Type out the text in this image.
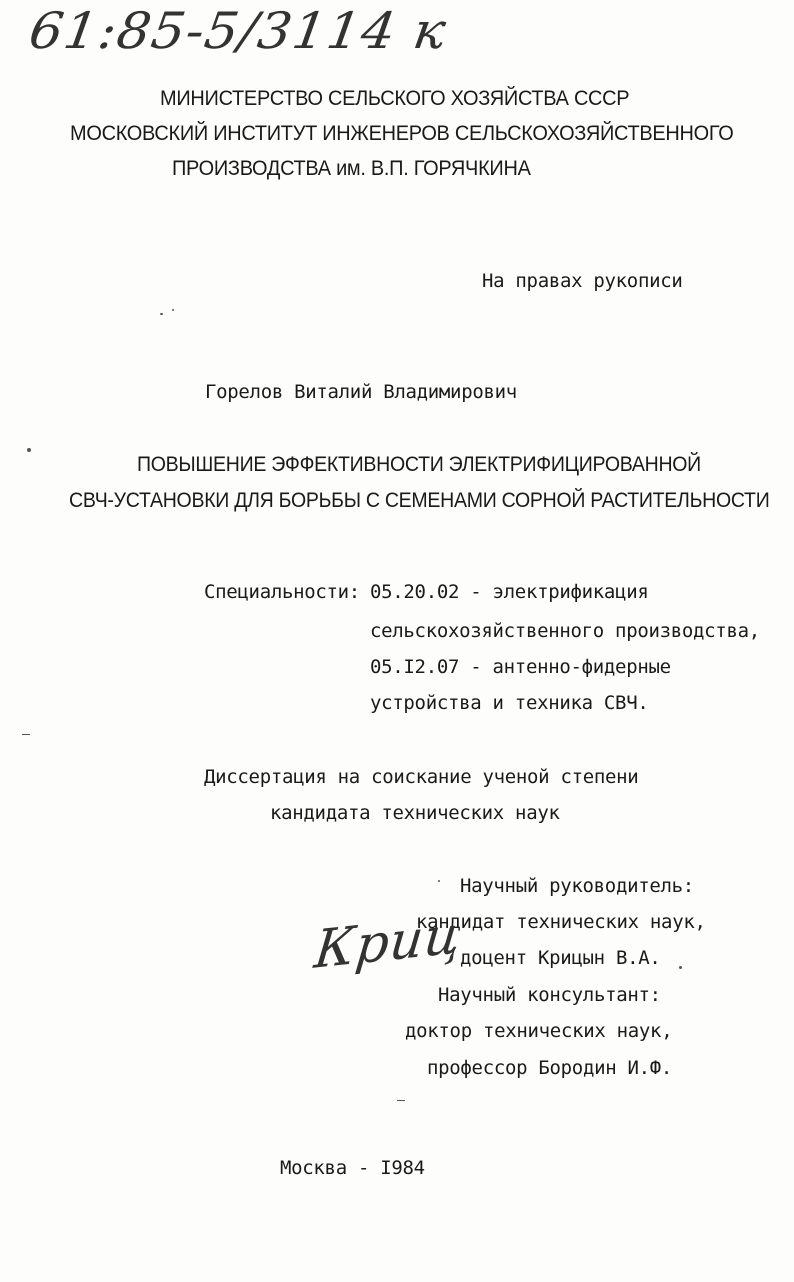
61:85-5/3114 к
МИНИСТЕРСТВО СЕЛЬСКОГО ХОЗЯЙСТВА СССР
МОСКОВСКИЙ ИНСТИТУТ ИНЖЕНЕРОВ СЕЛЬСКОХОЗЯЙСТВЕННОГО
ПРОИЗВОДСТВА им. В.П. ГОРЯЧКИНА
На правах рукописи
Горелов Виталий Владимирович
ПОВЫШЕНИЕ ЭФФЕКТИВНОСТИ ЭЛЕКТРИФИЦИРОВАННОЙ
СВЧ-УСТАНОВКИ ДЛЯ БОРЬБЫ С СЕМЕНАМИ СОРНОЙ РАСТИТЕЛЬНОСТИ
Специальности: 05.20.02 - электрификация
сельскохозяйственного производства,
05.I2.07 - антенно-фидерные
устройства и техника СВЧ.
Диссертация на соискание ученой степени
кандидата технических наук
Научный руководитель:
кандидат технических наук,
доцент Крицын В.А.
Научный консультант:
доктор технических наук,
профессор Бородин И.Ф.
Криц
Москва - I984
